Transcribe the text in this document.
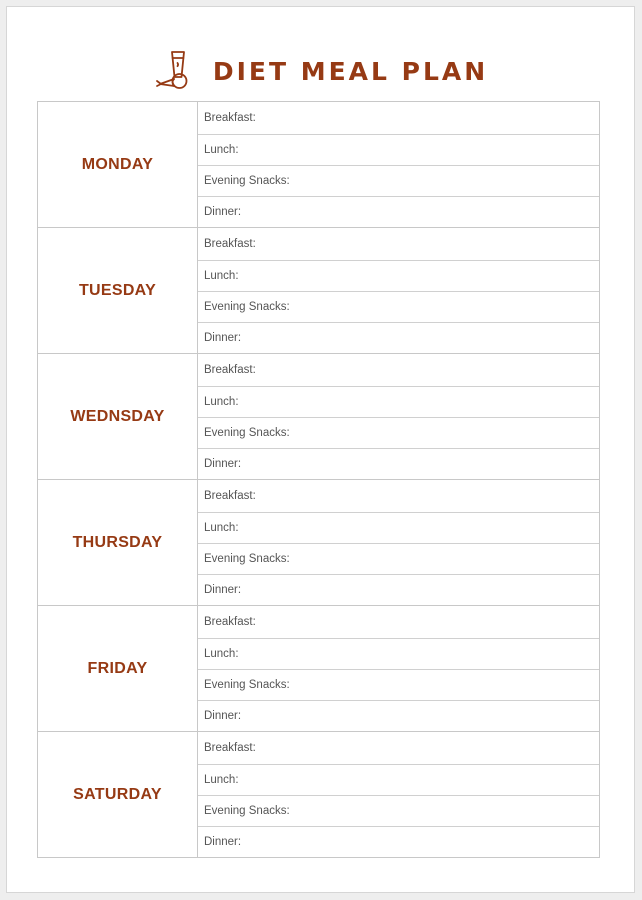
DIET MEAL PLAN
MONDAY
Breakfast:
Lunch:
Evening Snacks:
Dinner:
TUESDAY
Breakfast:
Lunch:
Evening Snacks:
Dinner:
WEDNSDAY
Breakfast:
Lunch:
Evening Snacks:
Dinner:
THURSDAY
Breakfast:
Lunch:
Evening Snacks:
Dinner:
FRIDAY
Breakfast:
Lunch:
Evening Snacks:
Dinner:
SATURDAY
Breakfast:
Lunch:
Evening Snacks:
Dinner:
